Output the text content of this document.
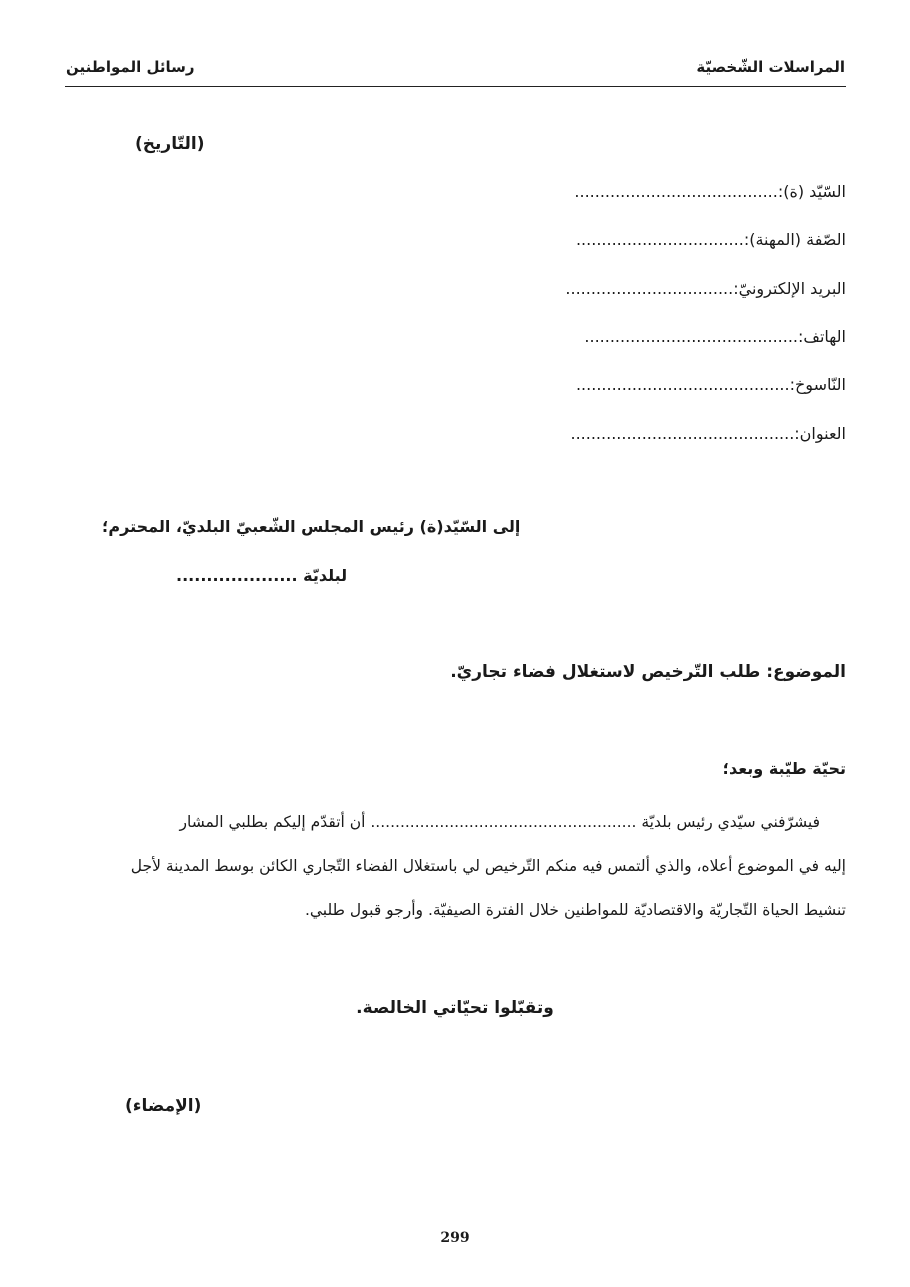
المراسلات الشّخصيّة
رسائل المواطنين
(التّاريخ)
السّيّد (ة):........................................
الصّفة (المهنة):.................................
البريد الإلكترونيّ:.................................
الهاتف:..........................................
النّاسوخ:..........................................
العنوان:............................................
إلى السّيّد(ة) رئيس المجلس الشّعبيّ البلديّ، المحترم؛
لبلديّة ....................
الموضوع: طلب التّرخيص لاستغلال فضاء تجاريّ.
تحيّة طيّبة وبعد؛
فيشرّفني سيّدي رئيس بلديّة ...................................................... أن أتقدّم إليكم بطلبي المشار
إليه في الموضوع أعلاه، والذي ألتمس فيه منكم التّرخيص لي باستغلال الفضاء التّجاري الكائن بوسط المدينة لأجل
تنشيط الحياة التّجاريّة والاقتصاديّة للمواطنين خلال الفترة الصيفيّة. وأرجو قبول طلبي.
وتقبّلوا تحيّاتي الخالصة.
(الإمضاء)
299
